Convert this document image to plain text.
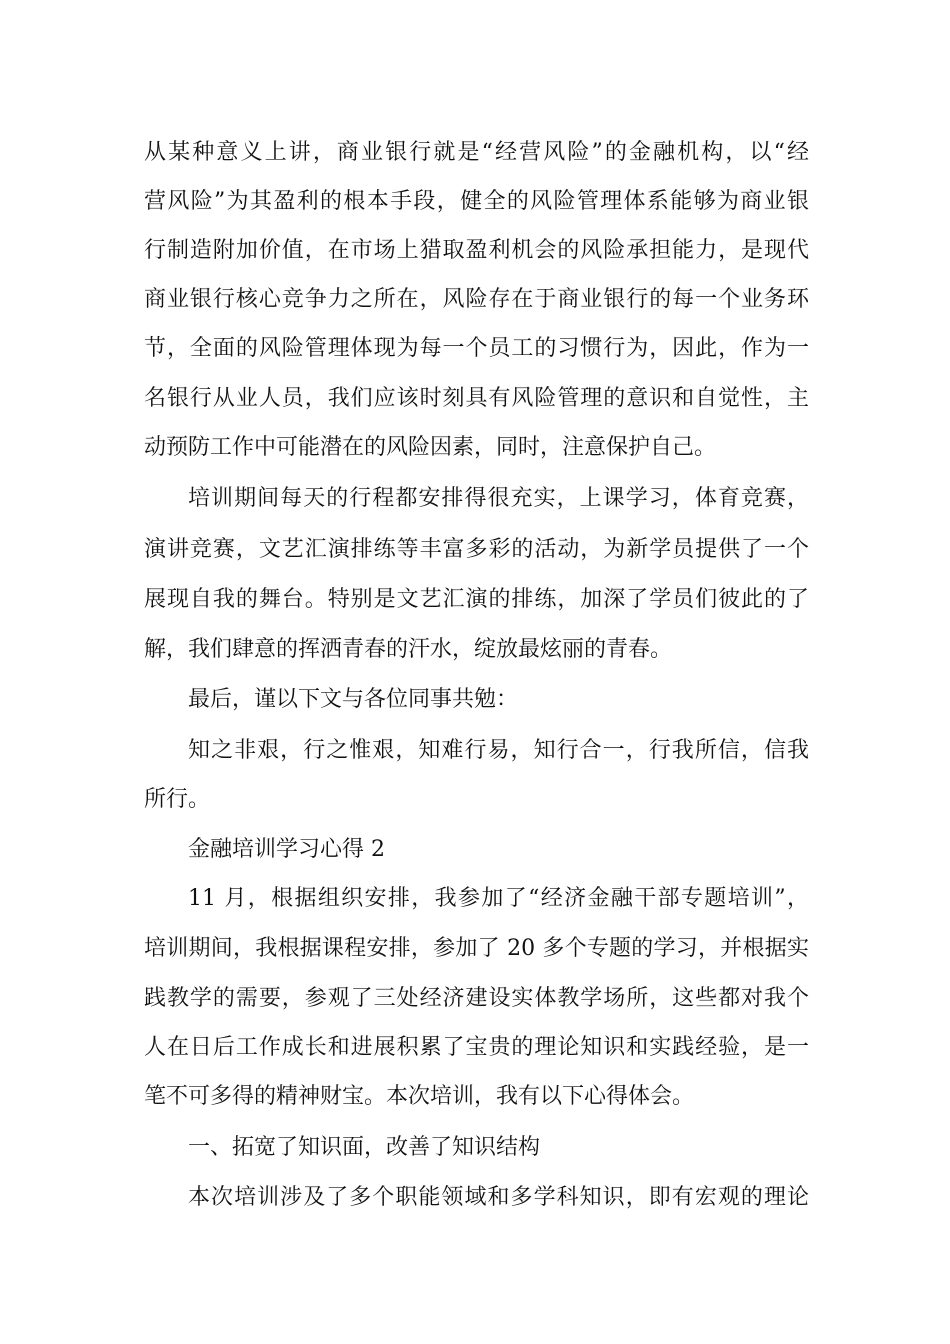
从某种意义上讲，商业银行就是“经营风险”的金融机构，以“经
营风险”为其盈利的根本手段，健全的风险管理体系能够为商业银
行制造附加价值，在市场上猎取盈利机会的风险承担能力，是现代
商业银行核心竞争力之所在，风险存在于商业银行的每一个业务环
节，全面的风险管理体现为每一个员工的习惯行为，因此，作为一
名银行从业人员，我们应该时刻具有风险管理的意识和自觉性，主
动预防工作中可能潜在的风险因素，同时，注意保护自己。
培训期间每天的行程都安排得很充实，上课学习，体育竞赛，
演讲竞赛，文艺汇演排练等丰富多彩的活动，为新学员提供了一个
展现自我的舞台。特别是文艺汇演的排练，加深了学员们彼此的了
解，我们肆意的挥洒青春的汗水，绽放最炫丽的青春。
最后，谨以下文与各位同事共勉：
知之非艰，行之惟艰，知难行易，知行合一，行我所信，信我
所行。
金融培训学习心得 2
11 月，根据组织安排，我参加了“经济金融干部专题培训”，
培训期间，我根据课程安排，参加了 20 多个专题的学习，并根据实
践教学的需要，参观了三处经济建设实体教学场所，这些都对我个
人在日后工作成长和进展积累了宝贵的理论知识和实践经验，是一
笔不可多得的精神财宝。本次培训，我有以下心得体会。
一、拓宽了知识面，改善了知识结构
本次培训涉及了多个职能领域和多学科知识，即有宏观的理论
